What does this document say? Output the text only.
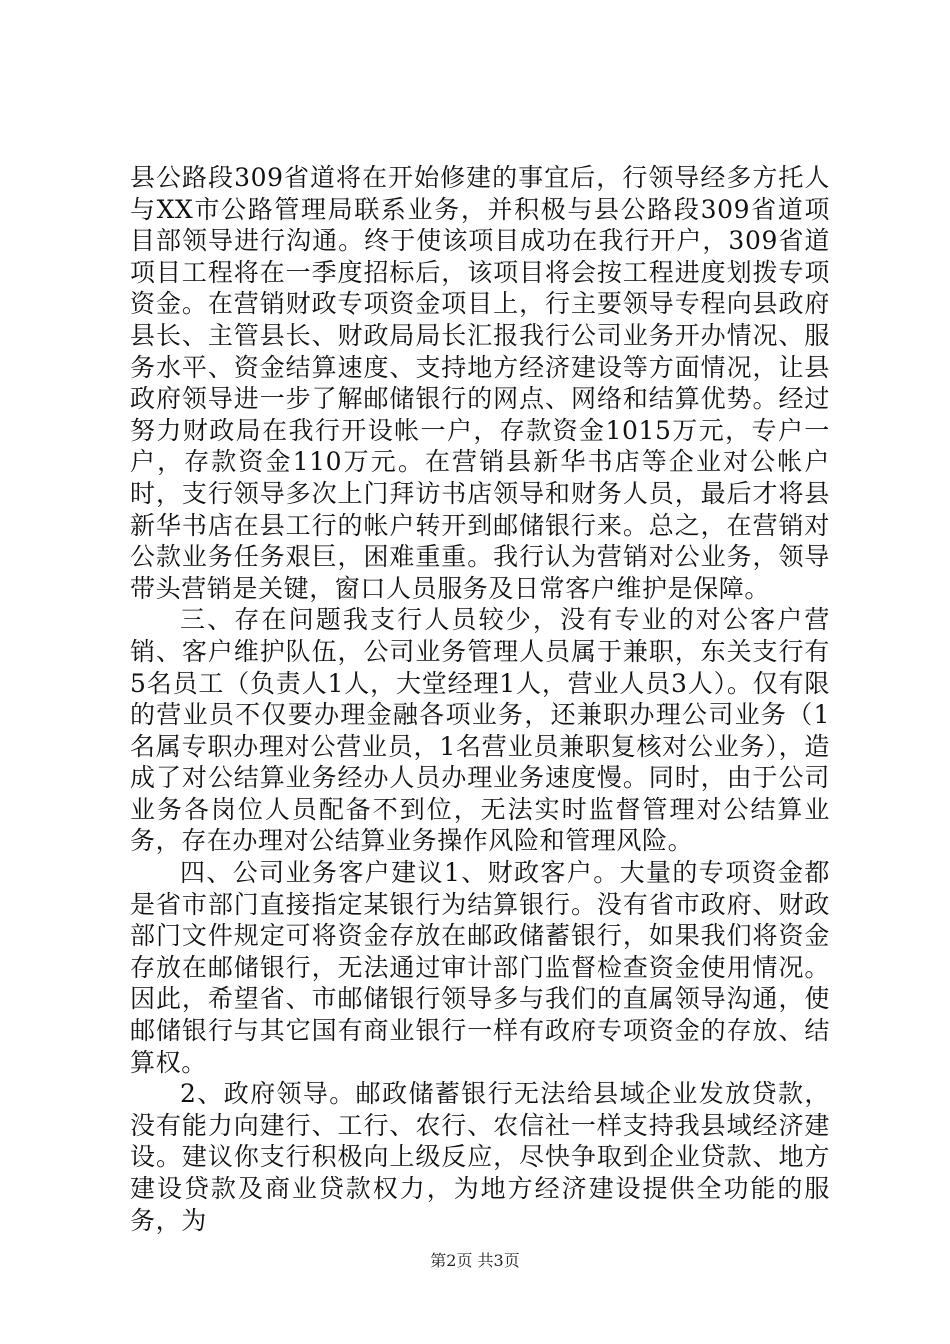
县公路段309省道将在开始修建的事宜后，行领导经多方托人与XX市公路管理局联系业务，并积极与县公路段309省道项目部领导进行沟通。终于使该项目成功在我行开户，309省道项目工程将在一季度招标后，该项目将会按工程进度划拨专项资金。在营销财政专项资金项目上，行主要领导专程向县政府县长、主管县长、财政局局长汇报我行公司业务开办情况、服务水平、资金结算速度、支持地方经济建设等方面情况，让县政府领导进一步了解邮储银行的网点、网络和结算优势。经过努力财政局在我行开设帐一户，存款资金1015万元，专户一户，存款资金110万元。在营销县新华书店等企业对公帐户时，支行领导多次上门拜访书店领导和财务人员，最后才将县新华书店在县工行的帐户转开到邮储银行来。总之，在营销对公款业务任务艰巨，困难重重。我行认为营销对公业务，领导带头营销是关键，窗口人员服务及日常客户维护是保障。

三、存在问题我支行人员较少，没有专业的对公客户营销、客户维护队伍，公司业务管理人员属于兼职，东关支行有5名员工（负责人1人，大堂经理1人，营业人员3人）。仅有限的营业员不仅要办理金融各项业务，还兼职办理公司业务（1名属专职办理对公营业员，1名营业员兼职复核对公业务），造成了对公结算业务经办人员办理业务速度慢。同时，由于公司业务各岗位人员配备不到位，无法实时监督管理对公结算业务，存在办理对公结算业务操作风险和管理风险。

四、公司业务客户建议1、财政客户。大量的专项资金都是省市部门直接指定某银行为结算银行。没有省市政府、财政部门文件规定可将资金存放在邮政储蓄银行，如果我们将资金存放在邮储银行，无法通过审计部门监督检查资金使用情况。因此，希望省、市邮储银行领导多与我们的直属领导沟通，使邮储银行与其它国有商业银行一样有政府专项资金的存放、结算权。

2、政府领导。邮政储蓄银行无法给县域企业发放贷款，没有能力向建行、工行、农行、农信社一样支持我县域经济建设。建议你支行积极向上级反应，尽快争取到企业贷款、地方建设贷款及商业贷款权力，为地方经济建设提供全功能的服务，为

第2页 共3页
